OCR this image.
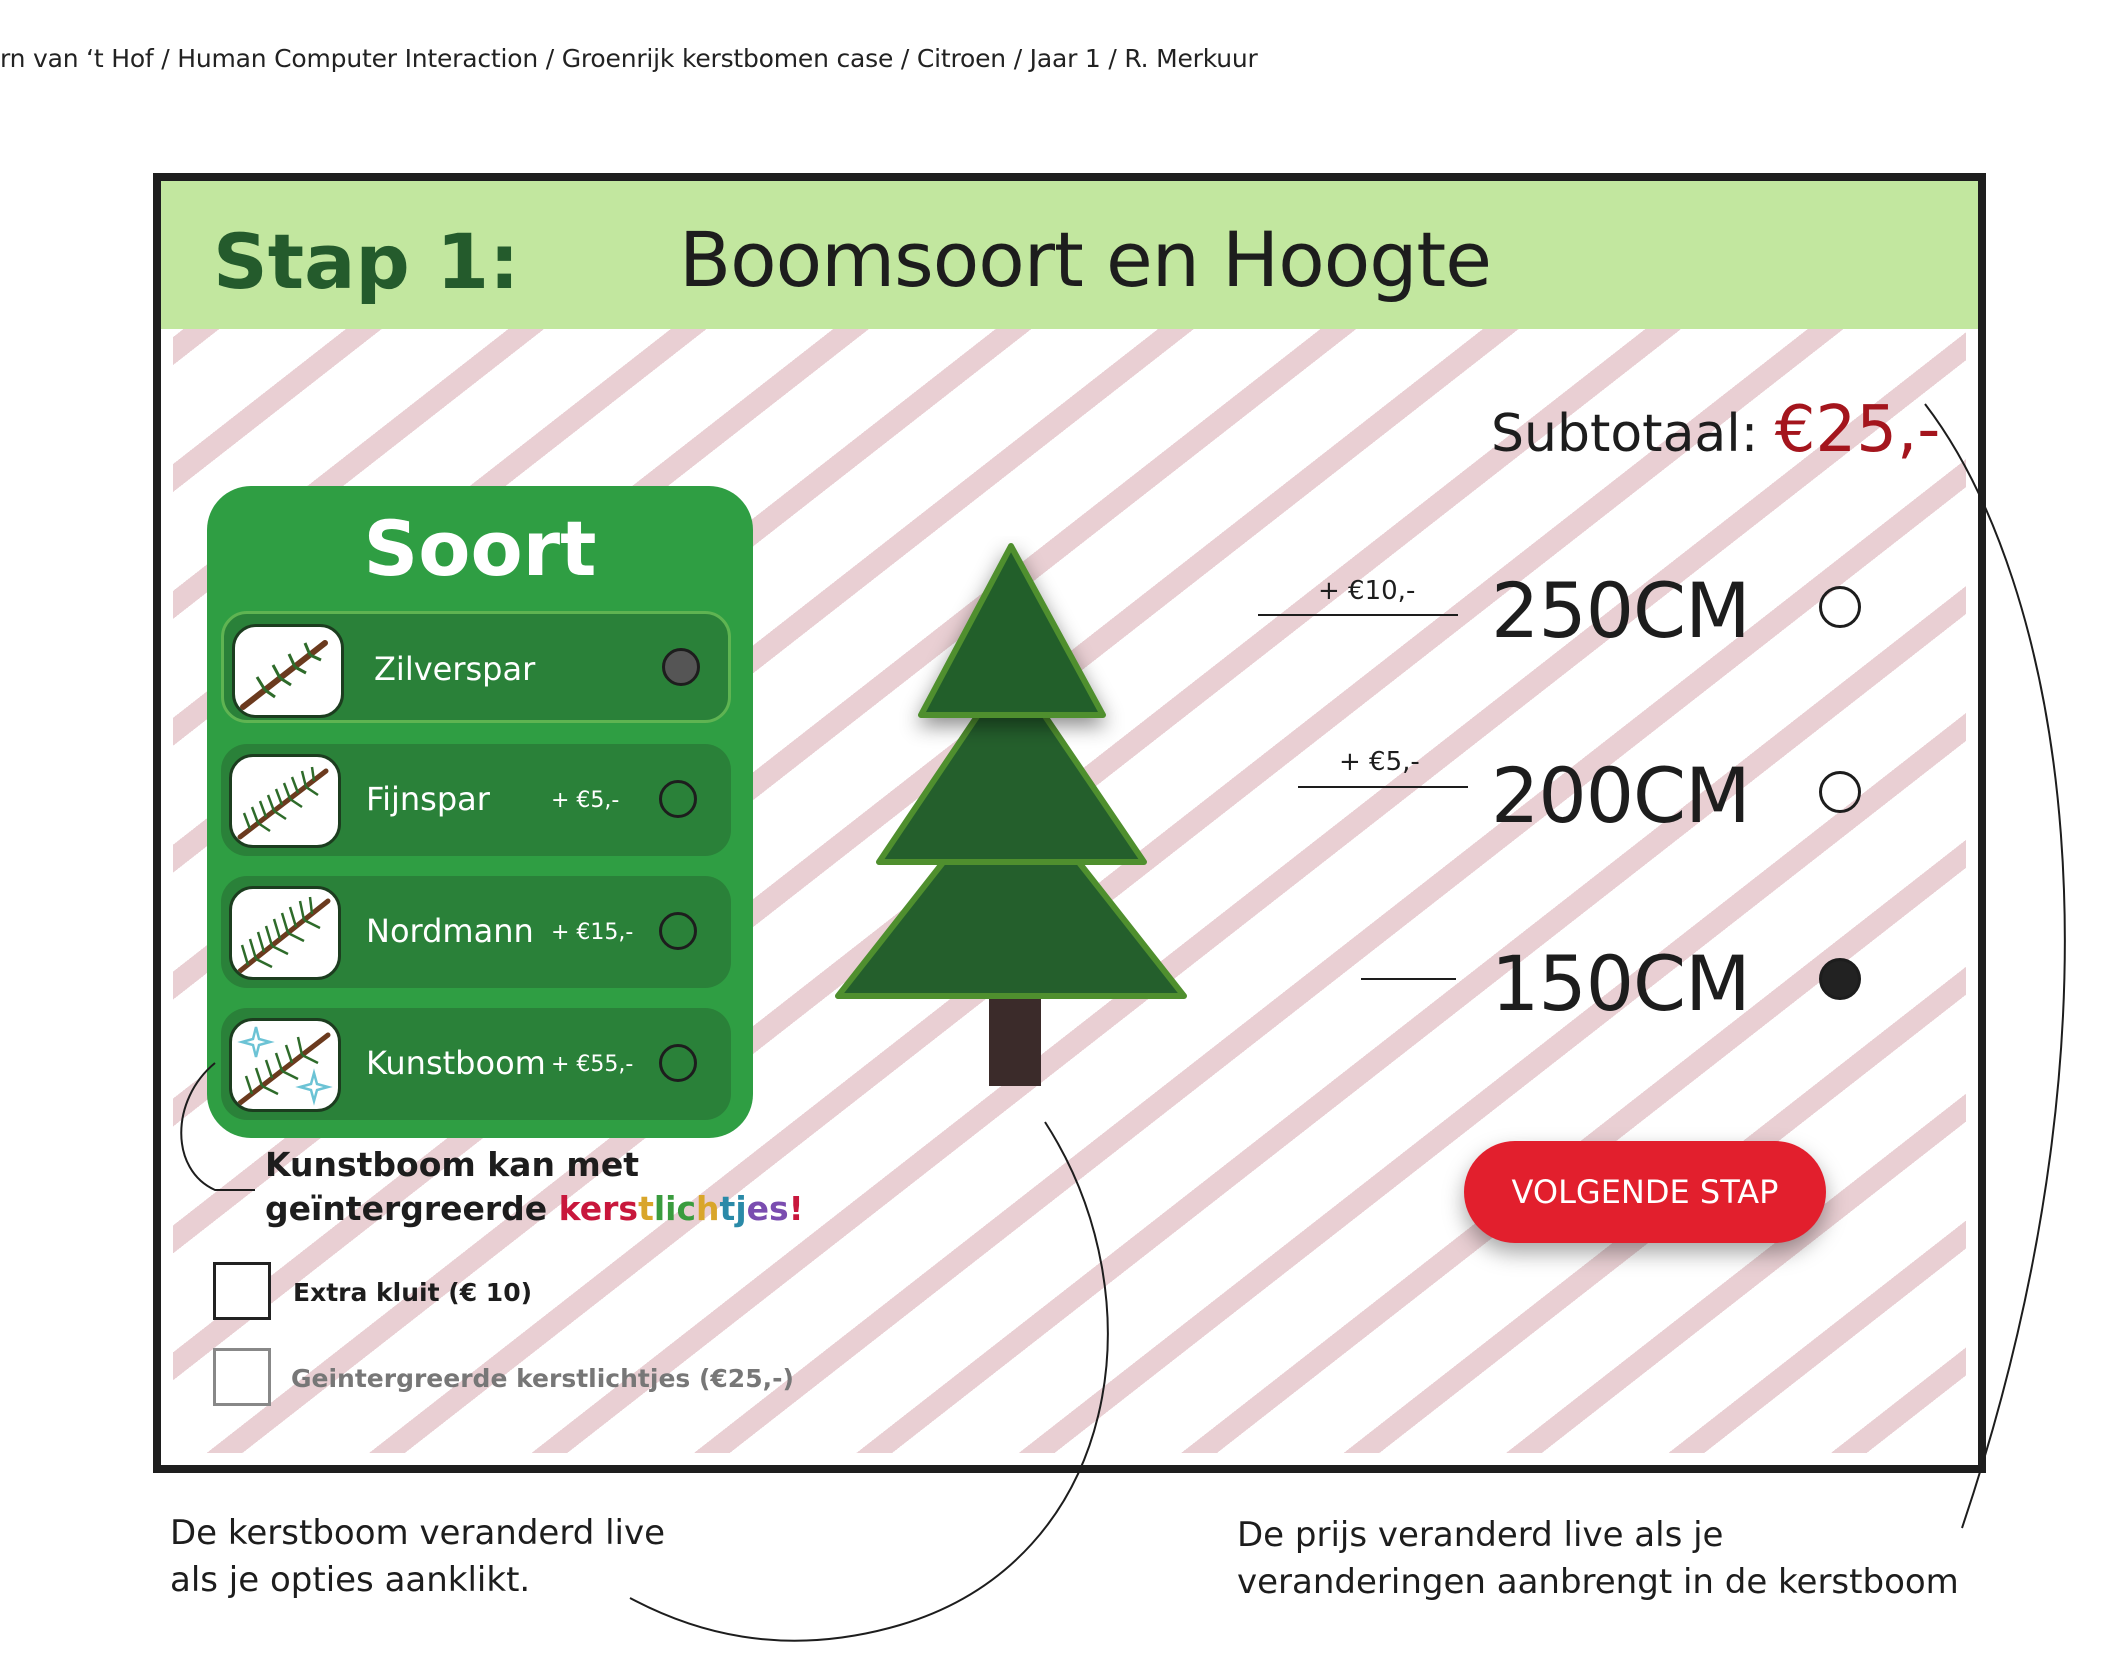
rn van ‘t Hof / Human Computer Interaction / Groenrijk kerstbomen case / Citroen / Jaar 1 / R. Merkuur
Stap 1: Boomsoort en Hoogte
Soort
Zilverspar
Fijnspar	+ €5,-
Nordmann + €15,-
Kunstboom + €55,-
Kunstboom kan met
geïntergreerde kerstlichtjes!
Extra kluit (€ 10)
Geintergreerde kerstlichtjes (€25,-)
Subtotaal: €25,-
+ €10,- 250CM
+ €5,- 200CM
150CM
VOLGENDE STAP
De kerstboom veranderd live
als je opties aanklikt.
De prijs veranderd live als je
veranderingen aanbrengt in de kerstboom
